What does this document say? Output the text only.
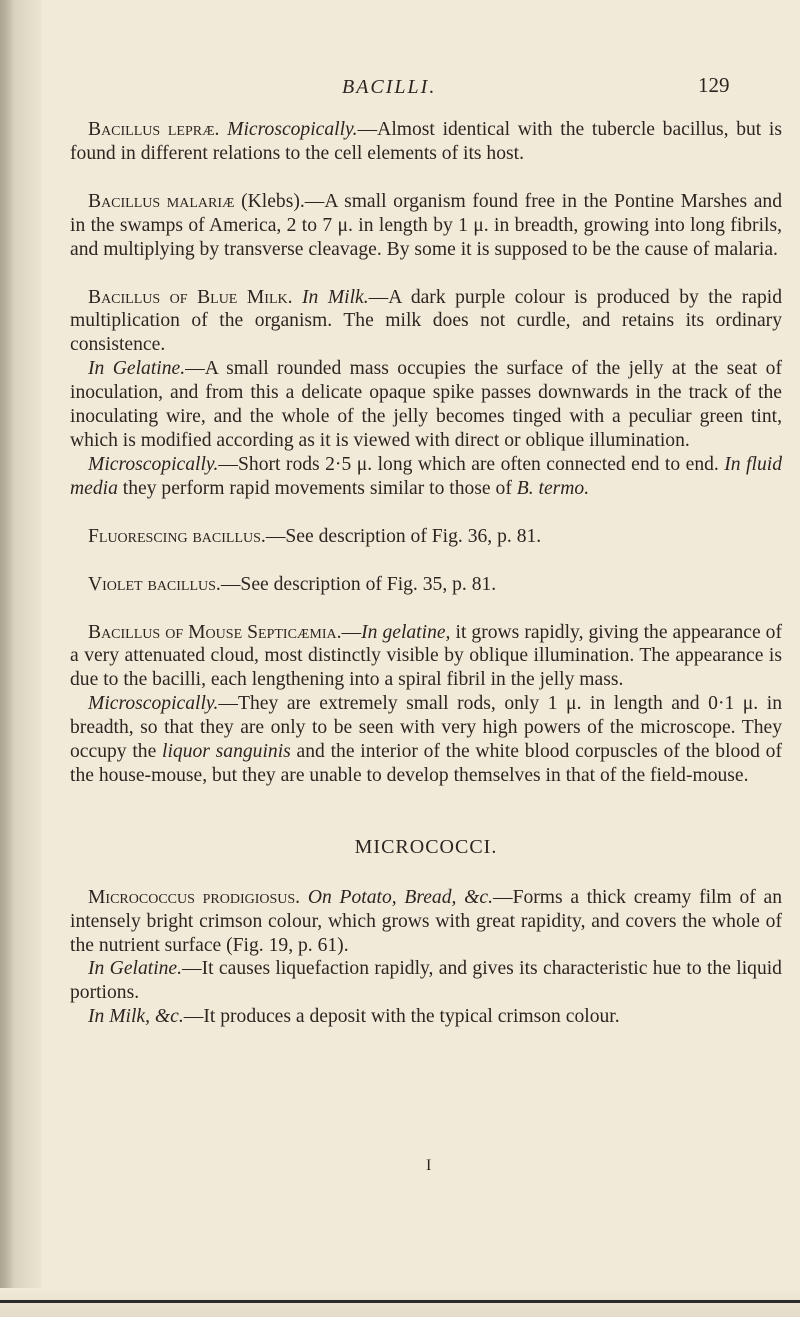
BACILLI.	129

Bacillus lepræ. Microscopically.—Almost identical with the tubercle bacillus, but is found in different relations to the cell elements of its host.

Bacillus malariæ (Klebs).—A small organism found free in the Pontine Marshes and in the swamps of America, 2 to 7 μ. in length by 1 μ. in breadth, growing into long fibrils, and multiplying by transverse cleavage. By some it is supposed to be the cause of malaria.

Bacillus of Blue Milk. In Milk.—A dark purple colour is produced by the rapid multiplication of the organism. The milk does not curdle, and retains its ordinary consistence.

In Gelatine.—A small rounded mass occupies the surface of the jelly at the seat of inoculation, and from this a delicate opaque spike passes downwards in the track of the inoculating wire, and the whole of the jelly becomes tinged with a peculiar green tint, which is modified according as it is viewed with direct or oblique illumination.

Microscopically.—Short rods 2·5 μ. long which are often connected end to end. In fluid media they perform rapid movements similar to those of B. termo.

Fluorescing bacillus.—See description of Fig. 36, p. 81.

Violet bacillus.—See description of Fig. 35, p. 81.

Bacillus of Mouse Septicæmia.—In gelatine, it grows rapidly, giving the appearance of a very attenuated cloud, most distinctly visible by oblique illumination. The appearance is due to the bacilli, each lengthening into a spiral fibril in the jelly mass.

Microscopically.—They are extremely small rods, only 1 μ. in length and 0·1 μ. in breadth, so that they are only to be seen with very high powers of the microscope. They occupy the liquor sanguinis and the interior of the white blood corpuscles of the blood of the house-mouse, but they are unable to develop themselves in that of the field-mouse.

MICROCOCCI.

Micrococcus prodigiosus. On Potato, Bread, &c.—Forms a thick creamy film of an intensely bright crimson colour, which grows with great rapidity, and covers the whole of the nutrient surface (Fig. 19, p. 61).

In Gelatine.—It causes liquefaction rapidly, and gives its characteristic hue to the liquid portions.

In Milk, &c.—It produces a deposit with the typical crimson colour.

I
